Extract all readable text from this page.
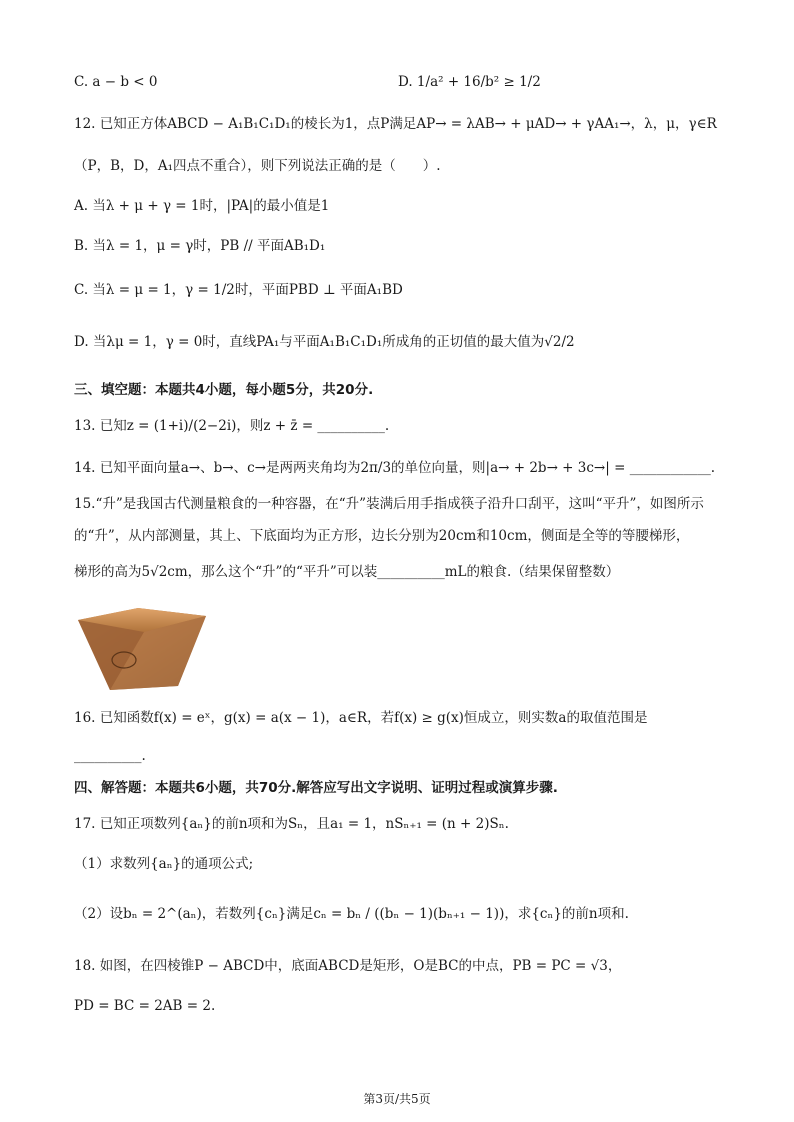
C. a − b < 0	D. 1/a² + 16/b² ≥ 1/2
12. 已知正方体ABCD − A₁B₁C₁D₁的棱长为1，点P满足AP→ = λAB→ + μAD→ + γAA₁→，λ，μ，γ∈R
（P，B，D，A₁四点不重合），则下列说法正确的是（　　）.
A. 当λ + μ + γ = 1时，|PA|的最小值是1
B. 当λ = 1，μ = γ时，PB // 平面AB₁D₁
C. 当λ = μ = 1，γ = 1/2时，平面PBD ⊥ 平面A₁BD
D. 当λμ = 1，γ = 0时，直线PA₁与平面A₁B₁C₁D₁所成角的正切值的最大值为√2/2
三、填空题：本题共4小题，每小题5分，共20分.
13. 已知z = (1+i)/(2−2i)，则z + z̄ = __________.
14. 已知平面向量a→、b→、c→是两两夹角均为2π/3的单位向量，则|a→ + 2b→ + 3c→| = ____________.
15.“升”是我国古代测量粮食的一种容器，在“升”装满后用手指成筷子沿升口刮平，这叫“平升”，如图所示
的“升”，从内部测量，其上、下底面均为正方形，边长分别为20cm和10cm，侧面是全等的等腰梯形，
梯形的高为5√2cm，那么这个“升”的“平升”可以装__________mL的粮食.（结果保留整数）
16. 已知函数f(x) = eˣ，g(x) = a(x − 1)，a∈R，若f(x) ≥ g(x)恒成立，则实数a的取值范围是
__________.
四、解答题：本题共6小题，共70分.解答应写出文字说明、证明过程或演算步骤.
17. 已知正项数列{aₙ}的前n项和为Sₙ，且a₁ = 1，nSₙ₊₁ = (n + 2)Sₙ.
（1）求数列{aₙ}的通项公式;
（2）设bₙ = 2^(aₙ)，若数列{cₙ}满足cₙ = bₙ / ((bₙ − 1)(bₙ₊₁ − 1))，求{cₙ}的前n项和.
18. 如图，在四棱锥P − ABCD中，底面ABCD是矩形，O是BC的中点，PB = PC = √3，
PD = BC = 2AB = 2.
第3页/共5页
